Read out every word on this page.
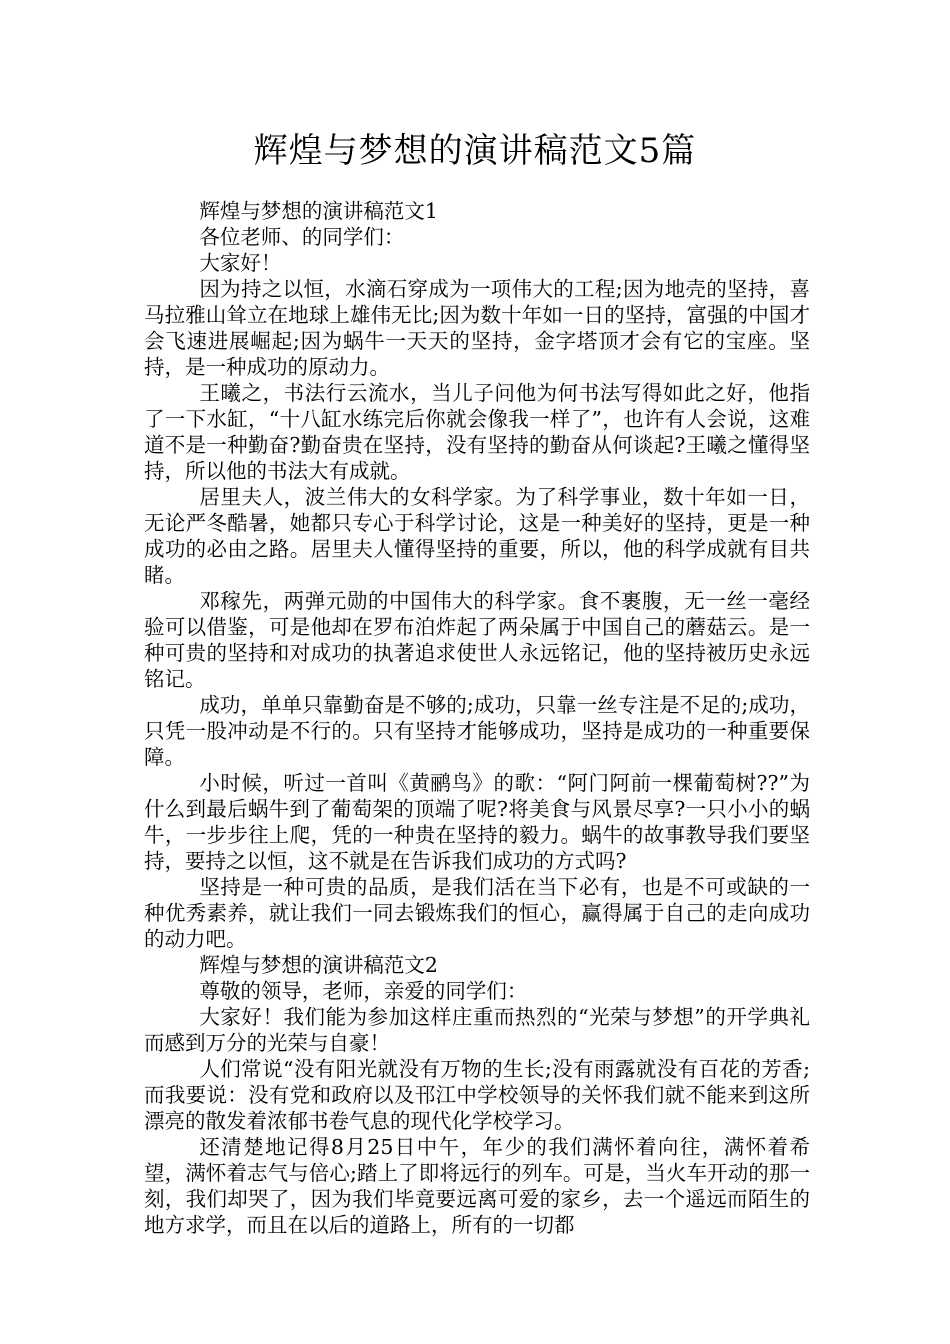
辉煌与梦想的演讲稿范文5篇

辉煌与梦想的演讲稿范文1

各位老师、的同学们：

大家好！

因为持之以恒，水滴石穿成为一项伟大的工程;因为地壳的坚持，喜马拉雅山耸立在地球上雄伟无比;因为数十年如一日的坚持，富强的中国才会飞速进展崛起;因为蜗牛一天天的坚持，金字塔顶才会有它的宝座。坚持，是一种成功的原动力。

王曦之，书法行云流水，当儿子问他为何书法写得如此之好，他指了一下水缸，“十八缸水练完后你就会像我一样了”，也许有人会说，这难道不是一种勤奋?勤奋贵在坚持，没有坚持的勤奋从何谈起?王曦之懂得坚持，所以他的书法大有成就。

居里夫人，波兰伟大的女科学家。为了科学事业，数十年如一日，无论严冬酷暑，她都只专心于科学讨论，这是一种美好的坚持，更是一种成功的必由之路。居里夫人懂得坚持的重要，所以，他的科学成就有目共睹。

邓稼先，两弹元勋的中国伟大的科学家。食不裹腹，无一丝一毫经验可以借鉴，可是他却在罗布泊炸起了两朵属于中国自己的蘑菇云。是一种可贵的坚持和对成功的执著追求使世人永远铭记，他的坚持被历史永远铭记。

成功，单单只靠勤奋是不够的;成功，只靠一丝专注是不足的;成功，只凭一股冲动是不行的。只有坚持才能够成功，坚持是成功的一种重要保障。

小时候，听过一首叫《黄鹂鸟》的歌：“阿门阿前一棵葡萄树??”为什么到最后蜗牛到了葡萄架的顶端了呢?将美食与风景尽享?一只小小的蜗牛，一步步往上爬，凭的一种贵在坚持的毅力。蜗牛的故事教导我们要坚持，要持之以恒，这不就是在告诉我们成功的方式吗?

坚持是一种可贵的品质，是我们活在当下必有，也是不可或缺的一种优秀素养，就让我们一同去锻炼我们的恒心，赢得属于自己的走向成功的动力吧。

辉煌与梦想的演讲稿范文2

尊敬的领导，老师，亲爱的同学们：

大家好！我们能为参加这样庄重而热烈的“光荣与梦想”的开学典礼而感到万分的光荣与自豪！

人们常说“没有阳光就没有万物的生长;没有雨露就没有百花的芳香;而我要说：没有党和政府以及邗江中学校领导的关怀我们就不能来到这所漂亮的散发着浓郁书卷气息的现代化学校学习。

还清楚地记得8月25日中午，年少的我们满怀着向往，满怀着希望，满怀着志气与倍心;踏上了即将远行的列车。可是，当火车开动的那一刻，我们却哭了，因为我们毕竟要远离可爱的家乡，去一个遥远而陌生的地方求学，而且在以后的道路上，所有的一切都
